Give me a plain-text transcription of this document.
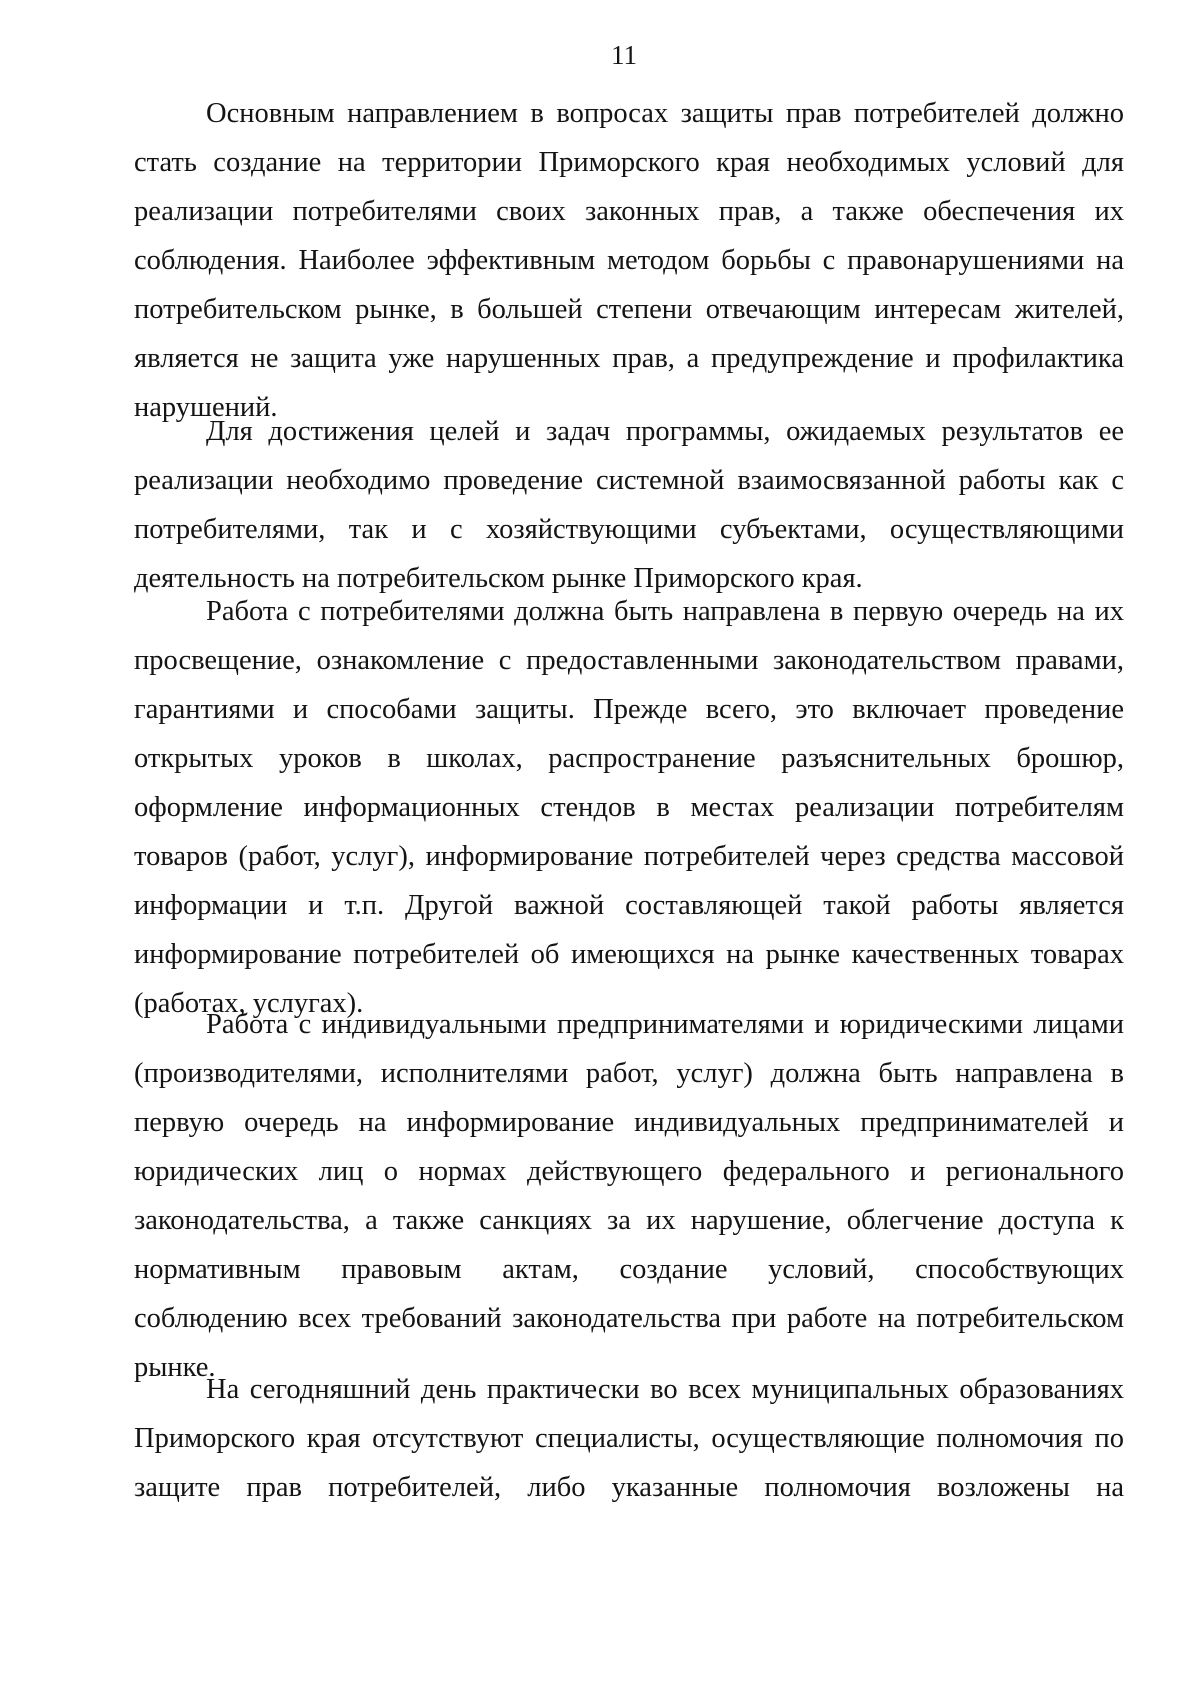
11
Основным направлением в вопросах защиты прав потребителей должно
стать создание на территории Приморского края необходимых условий для
реализации потребителями своих законных прав, а также обеспечения их
соблюдения. Наиболее эффективным методом борьбы с правонарушениями на
потребительском рынке, в большей степени отвечающим интересам жителей,
является не защита уже нарушенных прав, а предупреждение и профилактика
нарушений.
Для достижения целей и задач программы, ожидаемых результатов ее
реализации необходимо проведение системной взаимосвязанной работы как с
потребителями, так и с хозяйствующими субъектами, осуществляющими
деятельность на потребительском рынке Приморского края.
Работа с потребителями должна быть направлена в первую очередь на их
просвещение, ознакомление с предоставленными законодательством правами,
гарантиями и способами защиты. Прежде всего, это включает проведение
открытых уроков в школах, распространение разъяснительных брошюр,
оформление информационных стендов в местах реализации потребителям
товаров (работ, услуг), информирование потребителей через средства массовой
информации и т.п. Другой важной составляющей такой работы является
информирование потребителей об имеющихся на рынке качественных товарах
(работах, услугах).
Работа с индивидуальными предпринимателями и юридическими лицами
(производителями, исполнителями работ, услуг) должна быть направлена в
первую очередь на информирование индивидуальных предпринимателей и
юридических лиц о нормах действующего федерального и регионального
законодательства, а также санкциях за их нарушение, облегчение доступа к
нормативным правовым актам, создание условий, способствующих
соблюдению всех требований законодательства при работе на потребительском
рынке.
На сегодняшний день практически во всех муниципальных образованиях
Приморского края отсутствуют специалисты, осуществляющие полномочия по
защите прав потребителей, либо указанные полномочия возложены на
